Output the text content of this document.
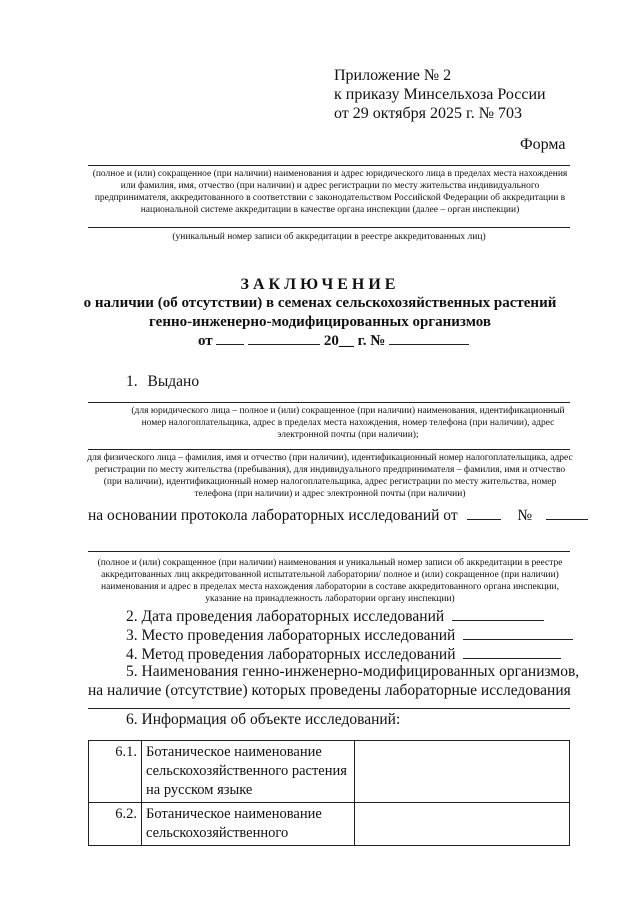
Приложение № 2
к приказу Минсельхоза России
от 29 октября 2025 г. № 703
Форма
(полное и (или) сокращенное (при наличии) наименования и адрес юридического лица в пределах места нахождения или фамилия, имя, отчество (при наличии) и адрес регистрации по месту жительства индивидуального предпринимателя, аккредитованного в соответствии с законодательством Российской Федерации об аккредитации в национальной системе аккредитации в качестве органа инспекции (далее – орган инспекции)
(уникальный номер записи об аккредитации в реестре аккредитованных лиц)
ЗАКЛЮЧЕНИЕ
о наличии (об отсутствии) в семенах сельскохозяйственных растений
генно-инженерно-модифицированных организмов
от	20__ г. №
1. Выдано
(для юридического лица – полное и (или) сокращенное (при наличии) наименования, идентификационный номер налогоплательщика, адрес в пределах места нахождения, номер телефона (при наличии), адрес электронной почты (при наличии);
для физического лица – фамилия, имя и отчество (при наличии), идентификационный номер налогоплательщика, адрес регистрации по месту жительства (пребывания), для индивидуального предпринимателя – фамилия, имя и отчество (при наличии), идентификационный номер налогоплательщика, адрес регистрации по месту жительства, номер телефона (при наличии) и адрес электронной почты (при наличии)
на основании протокола лабораторных исследований от	№
(полное и (или) сокращенное (при наличии) наименования и уникальный номер записи об аккредитации в реестре аккредитованных лиц аккредитованной испытательной лаборатории/ полное и (или) сокращенное (при наличии) наименования и адрес в пределах места нахождения лаборатории в составе аккредитованного органа инспекции, указание на принадлежность лаборатории органу инспекции)
2. Дата проведения лабораторных исследований
3. Место проведения лабораторных исследований
4. Метод проведения лабораторных исследований
5. Наименования генно-инженерно-модифицированных организмов,
на наличие (отсутствие) которых проведены лабораторные исследования
6. Информация об объекте исследований:
6.1.	Ботаническое наименование сельскохозяйственного растения на русском языке	
6.2.	Ботаническое наименование сельскохозяйственного	
